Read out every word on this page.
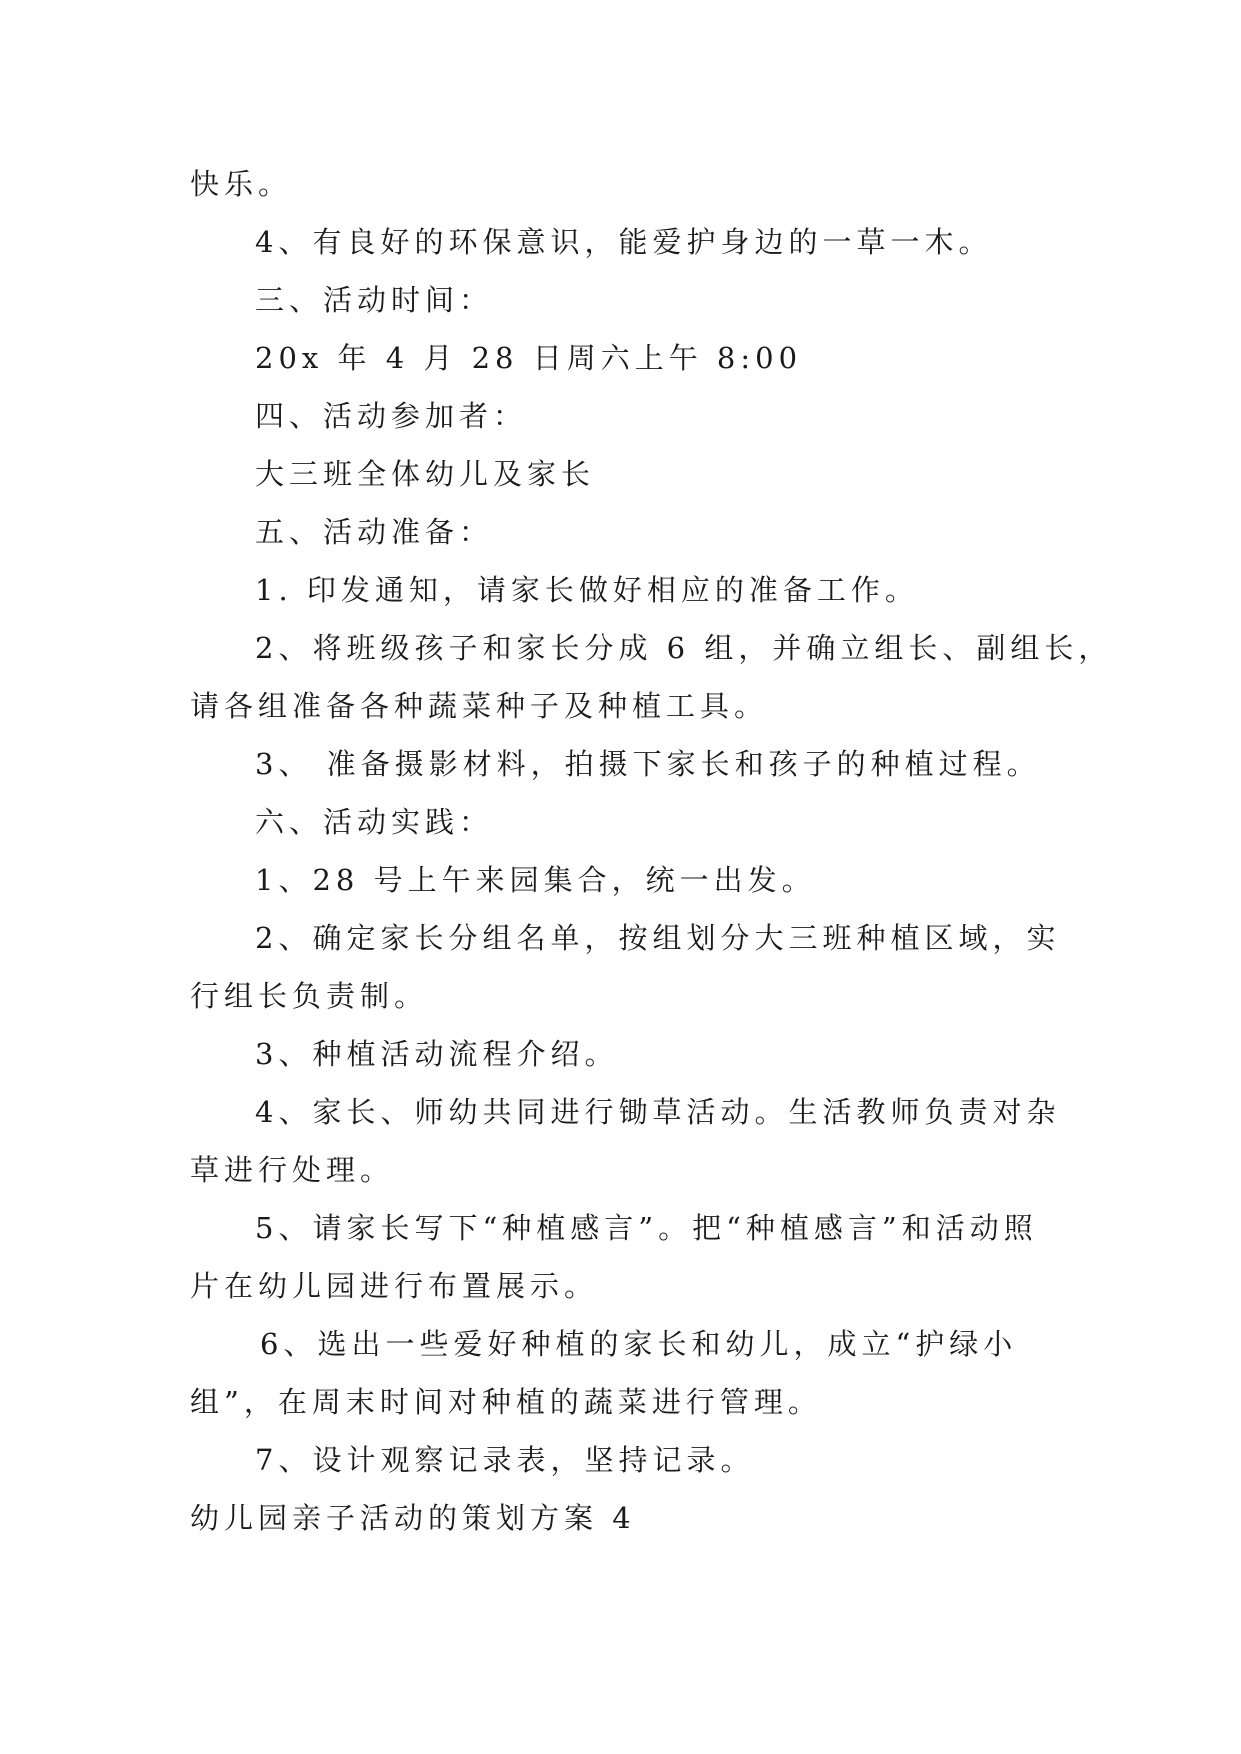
快乐。
4、有良好的环保意识，能爱护身边的一草一木。
三、活动时间：
20x 年 4 月 28 日周六上午 8:00
四、活动参加者：
大三班全体幼儿及家长
五、活动准备：
1. 印发通知，请家长做好相应的准备工作。
2、将班级孩子和家长分成 6 组，并确立组长、副组长，
请各组准备各种蔬菜种子及种植工具。
3、 准备摄影材料，拍摄下家长和孩子的种植过程。
六、活动实践：
1、28 号上午来园集合，统一出发。
2、确定家长分组名单，按组划分大三班种植区域，实
行组长负责制。
3、种植活动流程介绍。
4、家长、师幼共同进行锄草活动。生活教师负责对杂
草进行处理。
5、请家长写下“种植感言”。把“种植感言”和活动照
片在幼儿园进行布置展示。
6、选出一些爱好种植的家长和幼儿，成立“护绿小
组”，在周末时间对种植的蔬菜进行管理。
7、设计观察记录表，坚持记录。
幼儿园亲子活动的策划方案 4
